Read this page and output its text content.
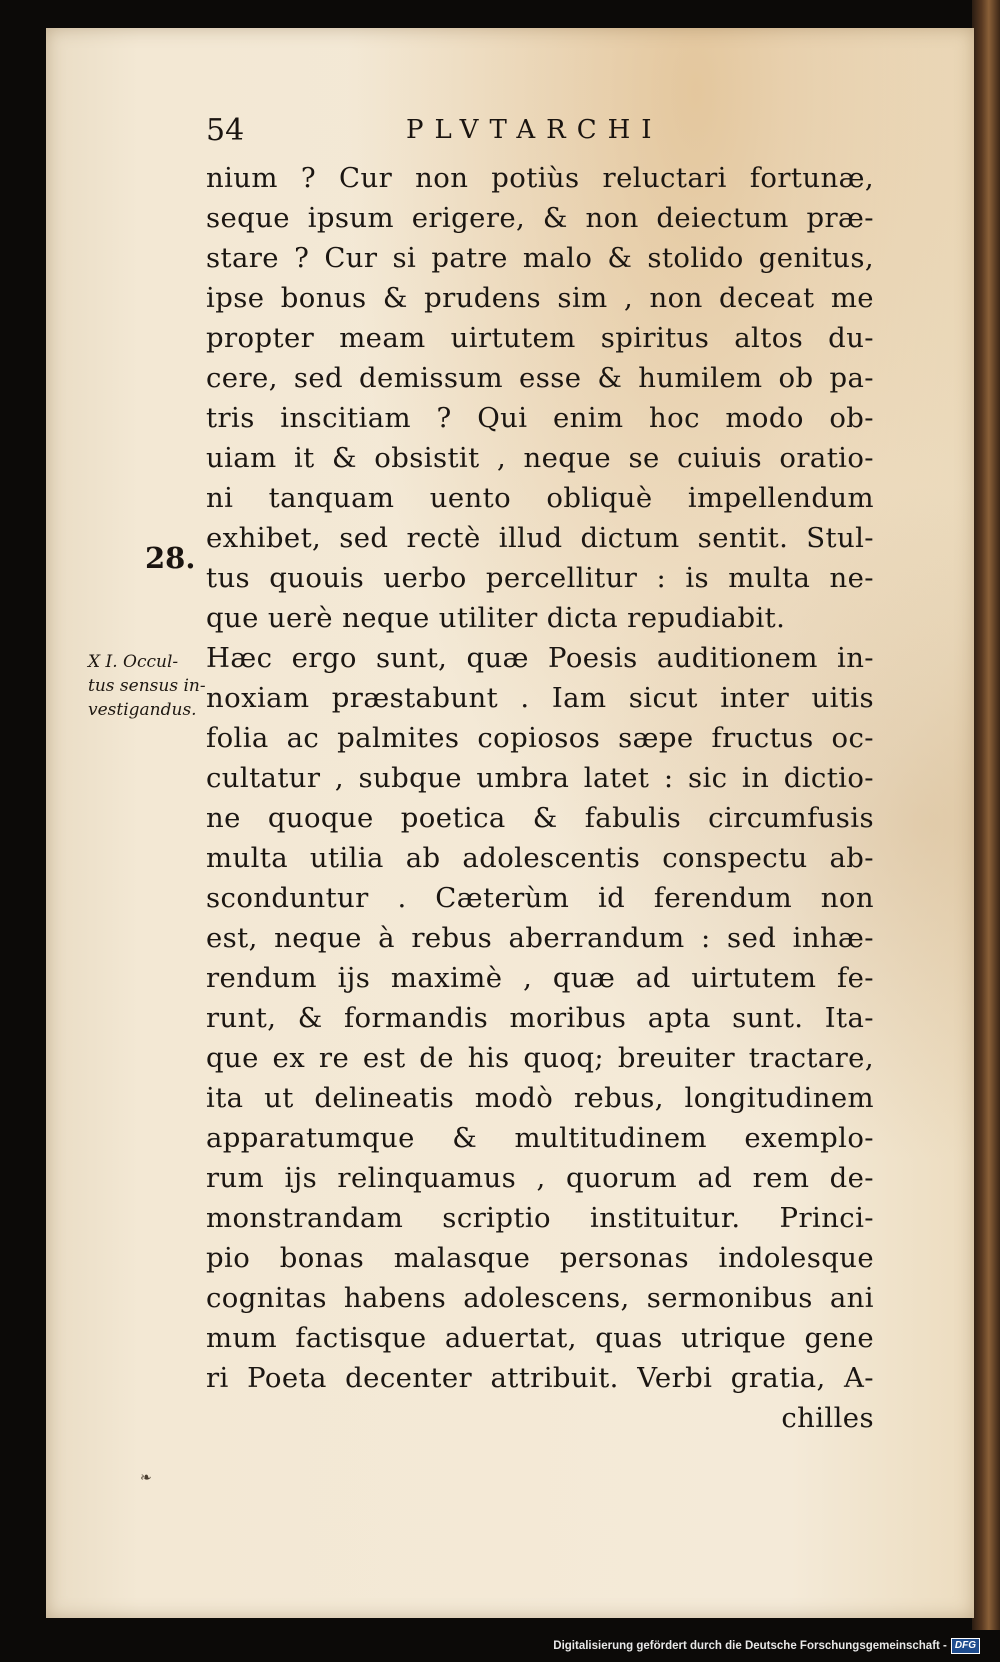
54	PLVTARCHI
28.
X I. Occul-
tus sensus in-
vestigandus.
nium ? Cur non potiùs reluctari fortunæ,
seque ipsum erigere, & non deiectum præ-
stare ? Cur si patre malo & stolido genitus,
ipse bonus & prudens sim , non deceat me
propter meam uirtutem spiritus altos du-
cere, sed demissum esse & humilem ob pa-
tris inscitiam ? Qui enim hoc modo ob-
uiam it & obsistit , neque se cuiuis oratio-
ni tanquam uento obliquè impellendum
exhibet, sed rectè illud dictum sentit. Stul-
tus quouis uerbo percellitur : is multa ne-
que uerè neque utiliter dicta repudiabit.
Hæc ergo sunt, quæ Poesis auditionem in-
noxiam præstabunt . Iam sicut inter uitis
folia ac palmites copiosos sæpe fructus oc-
cultatur , subque umbra latet : sic in dictio-
ne quoque poetica & fabulis circumfusis
multa utilia ab adolescentis conspectu ab-
sconduntur . Cæterùm id ferendum non
est, neque à rebus aberrandum : sed inhæ-
rendum ijs maximè , quæ ad uirtutem fe-
runt, & formandis moribus apta sunt. Ita-
que ex re est de his quoq; breuiter tractare,
ita ut delineatis modò rebus, longitudinem
apparatumque & multitudinem exemplo-
rum ijs relinquamus , quorum ad rem de-
monstrandam scriptio instituitur. Princi-
pio bonas malasque personas indolesque
cognitas habens adolescens, sermonibus ani
mum factisque aduertat, quas utrique gene
ri Poeta decenter attribuit. Verbi gratia, A-
chilles
❧
Digitalisierung gefördert durch die Deutsche Forschungsgemeinschaft - DFG
